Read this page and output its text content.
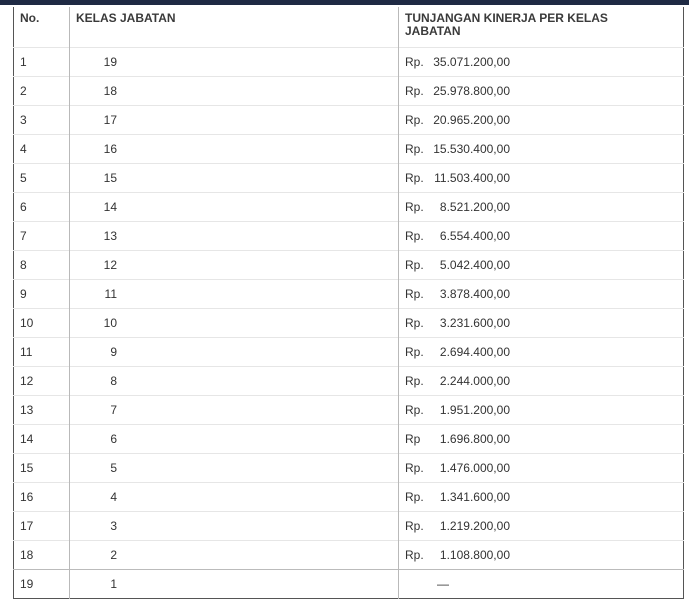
No.	KELAS JABATAN	TUNJANGAN KINERJA PER KELAS JABATAN
1	19	Rp. 35.071.200,00
2	18	Rp. 25.978.800,00
3	17	Rp. 20.965.200,00
4	16	Rp. 15.530.400,00
5	15	Rp. 11.503.400,00
6	14	Rp. 8.521.200,00
7	13	Rp. 6.554.400,00
8	12	Rp. 5.042.400,00
9	11	Rp. 3.878.400,00
10	10	Rp. 3.231.600,00
11	9	Rp. 2.694.400,00
12	8	Rp. 2.244.000,00
13	7	Rp. 1.951.200,00
14	6	Rp 1.696.800,00
15	5	Rp. 1.476.000,00
16	4	Rp. 1.341.600,00
17	3	Rp. 1.219.200,00
18	2	Rp. 1.108.800,00
19	1	—
